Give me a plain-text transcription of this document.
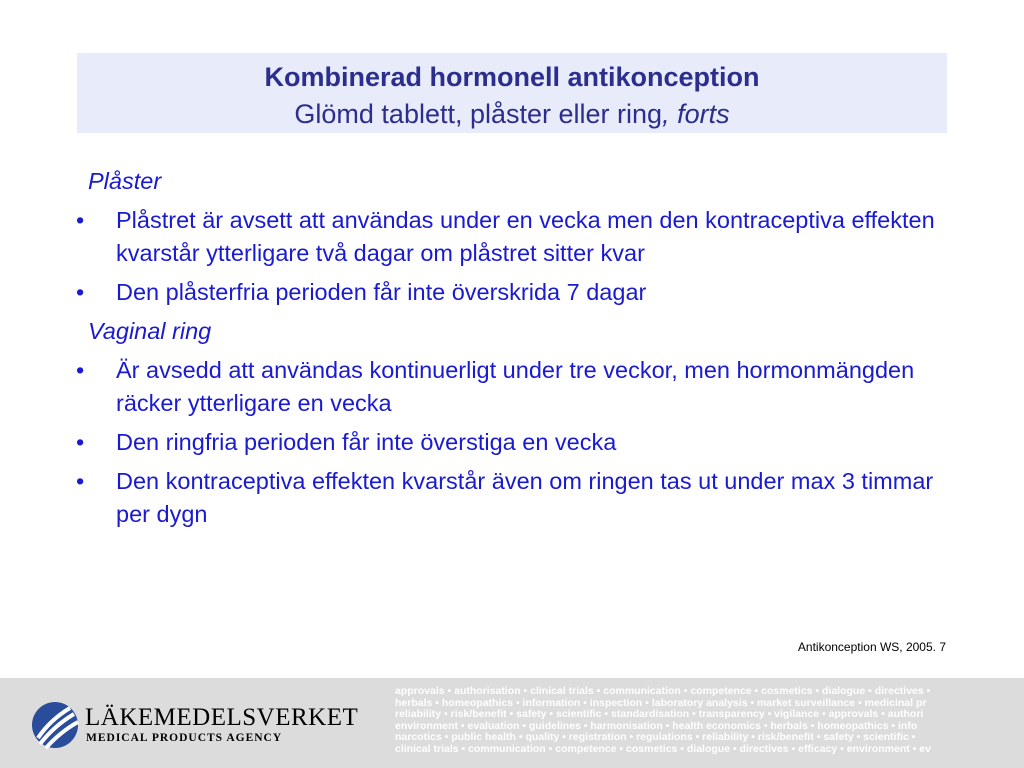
Kombinerad hormonell antikonception
Glömd tablett, plåster eller ring, forts
Plåster
•	Plåstret är avsett att användas under en vecka men den kontraceptiva effekten kvarstår ytterligare två dagar om plåstret sitter kvar
•	Den plåsterfria perioden får inte överskrida 7 dagar
Vaginal ring
•	Är avsedd att användas kontinuerligt under tre veckor, men hormonmängden räcker ytterligare en vecka
•	Den ringfria perioden får inte överstiga en vecka
•	Den kontraceptiva effekten kvarstår även om ringen tas ut under max 3 timmar per dygn
Antikonception WS, 2005. 7
approvals • authorisation • clinical trials • communication • competence • cosmetics • dialogue • directives •
herbals • homeopathics • information • inspection • laboratory analysis • market surveillance • medicinal pr
reliability • risk/benefit • safety • scientific • standardisation • transparency • vigilance • approvals • authori
environment • evaluation • guidelines • harmonisation • health economics • herbals • homeopathics • info
narcotics • public health • quality • registration • regulations • reliability • risk/benefit • safety • scientific •
clinical trials • communication • competence • cosmetics • dialogue • directives • efficacy • environment • ev
LÄKEMEDELSVERKET
MEDICAL PRODUCTS AGENCY
